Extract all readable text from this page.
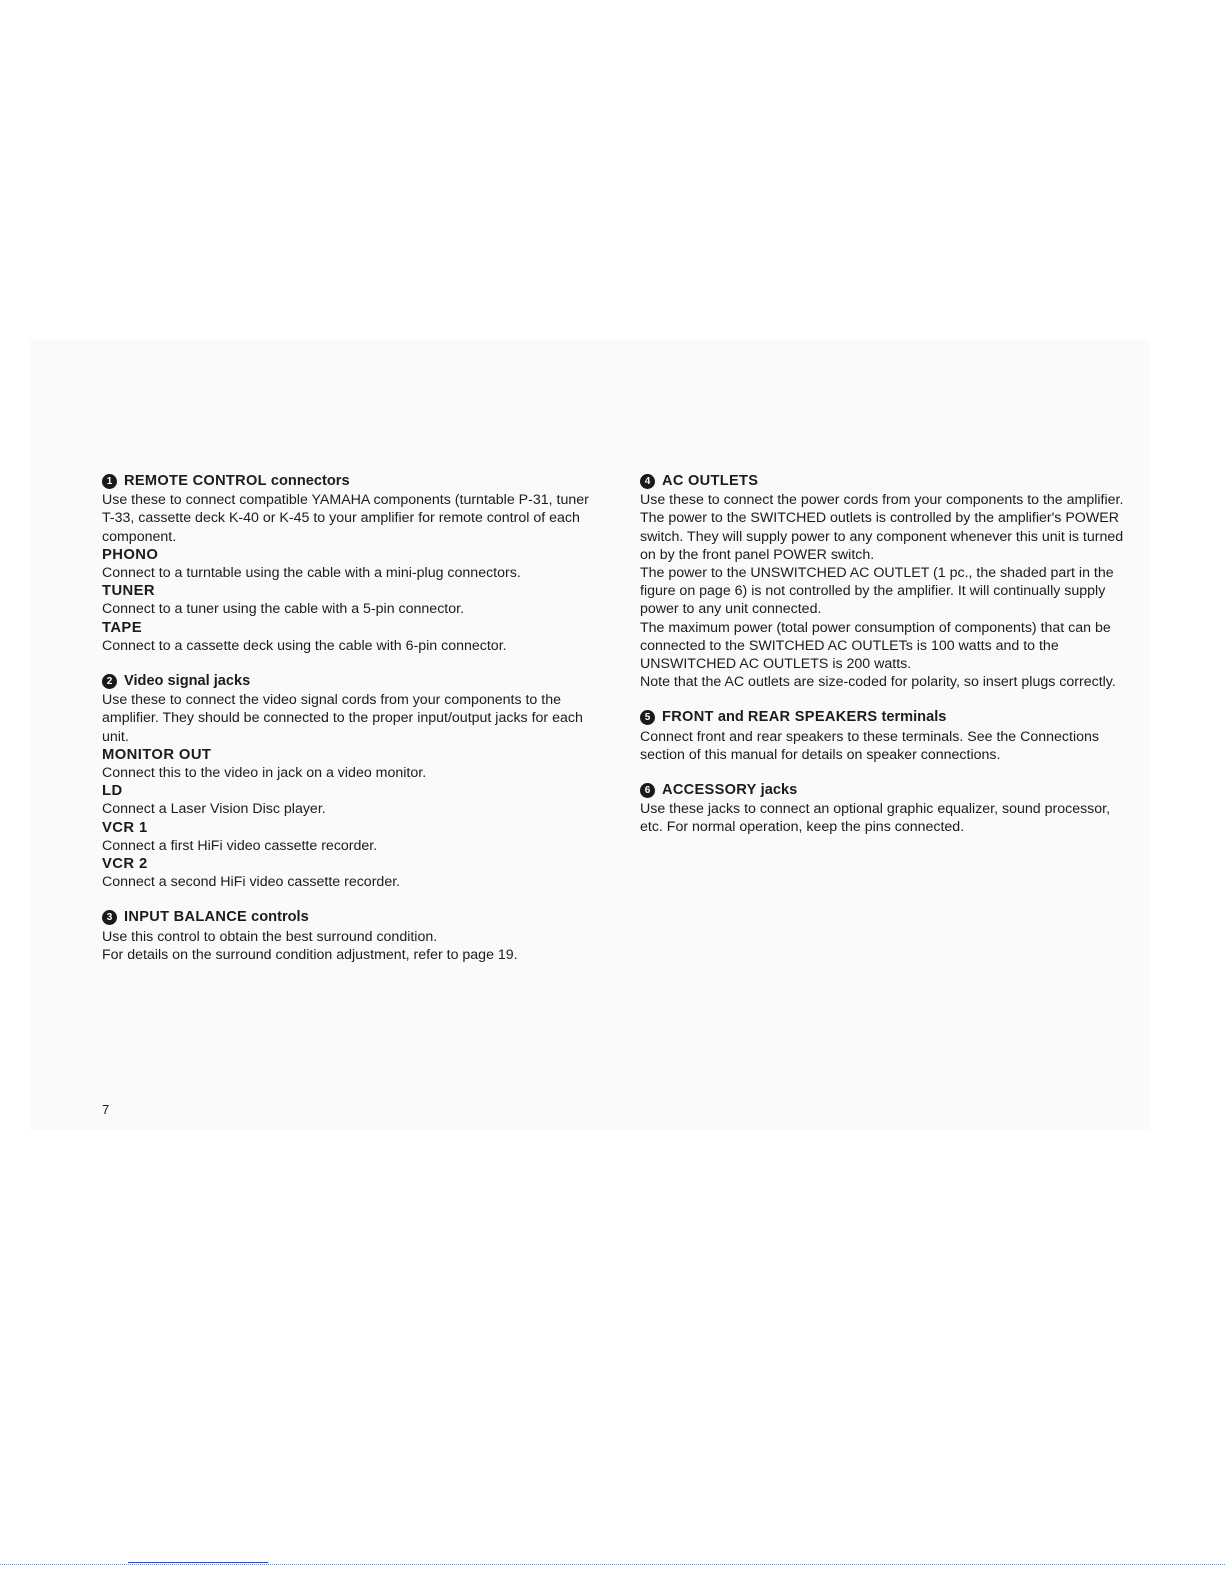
1 REMOTE CONTROL
connectors

Use these to connect compatible YAMAHA components (turntable P-31, tuner T-33, cassette deck K-40 or K-45 to your amplifier for remote control of each component.

PHONO

Connect to a turntable using the cable with a mini-plug connectors.

TUNER

Connect to a tuner using the cable with a 5-pin connector.

TAPE

Connect to a cassette deck using the cable with 6-pin connector.

2 Video signal jacks

Use these to connect the video signal cords from your components to the amplifier. They should be connected to the proper input/output jacks for each unit.

MONITOR OUT

Connect this to the video in jack on a video monitor.

LD

Connect a Laser Vision Disc player.

VCR 1

Connect a first HiFi video cassette recorder.

VCR 2

Connect a second HiFi video cassette recorder.

3 INPUT BALANCE
controls

Use this control to obtain the best surround condition.

For details on the surround condition adjustment, refer to page 19.

4 AC OUTLETS

Use these to connect the power cords from your components to the amplifier.

The power to the SWITCHED outlets is controlled by the amplifier's POWER switch. They will supply power to any component whenever this unit is turned on by the front panel POWER switch.

The power to the UNSWITCHED AC OUTLET (1 pc., the shaded part in the figure on page 6) is not controlled by the amplifier. It will continually supply power to any unit connected.

The maximum power (total power consumption of components) that can be connected to the SWITCHED AC OUTLETs is 100 watts and to the UNSWITCHED AC OUTLETS is 200 watts.

Note that the AC outlets are size-coded for polarity, so insert plugs correctly.

5 FRONT
and
REAR SPEAKERS
terminals

Connect front and rear speakers to these terminals. See the Connections section of this manual for details on speaker connections.

6 ACCESSORY
jacks

Use these jacks to connect an optional graphic equalizer, sound processor, etc. For normal operation, keep the pins connected.

7
